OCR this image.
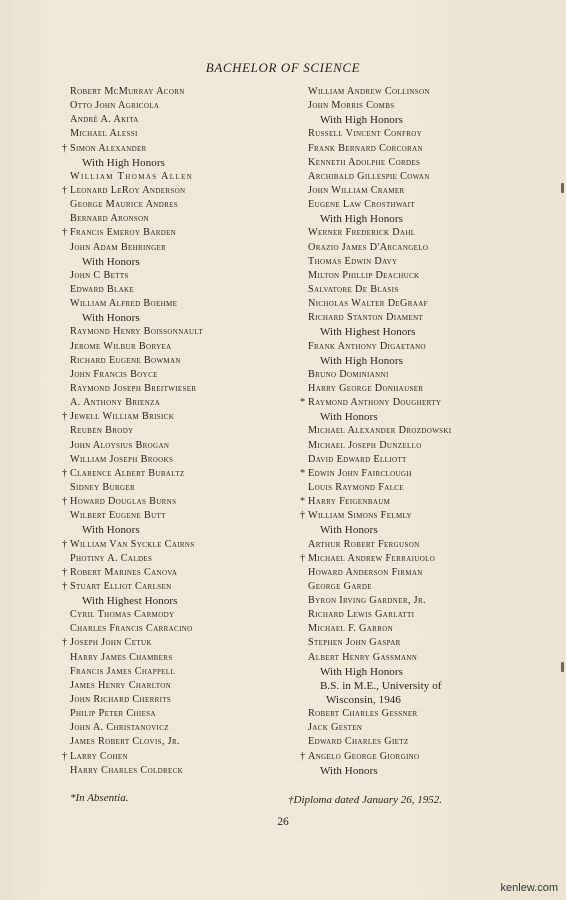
BACHELOR OF SCIENCE
Robert McMurray Acorn
Otto John Agricola
André A. Akita
Michael Alessi
† Simon Alexander
With High Honors
William Thomas Allen
† Leonard LeRoy Anderson
George Maurice Andres
Bernard Aronson
† Francis Emeroy Barden
John Adam Behringer
With Honors
John C Betts
Edward Blake
William Alfred Boehme
With Honors
Raymond Henry Boissonnault
Jerome Wilbur Boryea
Richard Eugene Bowman
John Francis Boyce
Raymond Joseph Breitwieser
A. Anthony Brienza
† Jewell William Brisick
Reuben Brody
John Aloysius Brogan
William Joseph Brooks
† Clarence Albert Bubaltz
Sidney Burger
† Howard Douglas Burns
Wilbert Eugene Butt
With Honors
† William Van Syckle Cairns
Photiny A. Caldes
† Robert Marines Canova
† Stuart Elliot Carlsen
With Highest Honors
Cyril Thomas Carmody
Charles Francis Carracino
† Joseph John Cetuk
Harry James Chambers
Francis James Chappell
James Henry Charlton
John Richard Cherrits
Philip Peter Chiesa
John A. Christanovicz
James Robert Clovis, Jr.
† Larry Cohen
Harry Charles Coldreck
William Andrew Collinson
John Morris Combs
With High Honors
Russell Vincent Confroy
Frank Bernard Corcoran
Kenneth Adolphe Cordes
Archibald Gillespie Cowan
John William Cramer
Eugene Law Crosthwait
With High Honors
Werner Frederick Dahl
Orazio James D'Arcangelo
Thomas Edwin Davy
Milton Phillip Deachuck
Salvatore De Blasis
Nicholas Walter DeGraaf
Richard Stanton Diament
With Highest Honors
Frank Anthony Digaetano
With High Honors
Bruno Dominianni
Harry George Donhauser
* Raymond Anthony Dougherty
With Honors
Michael Alexander Drozdowski
Michael Joseph Dunzello
David Edward Elliott
* Edwin John Fairclough
Louis Raymond Falce
* Harry Feigenbaum
† William Simons Felmly
With Honors
Arthur Robert Ferguson
† Michael Andrew Ferraiuolo
Howard Anderson Firman
George Garde
Byron Irving Gardner, Jr.
Richard Lewis Garlatti
Michael F. Garron
Stephen John Gaspar
Albert Henry Gassmann
With High Honors
B.S. in M.E., University of
Wisconsin, 1946
Robert Charles Gessner
Jack Gesten
Edward Charles Gietz
† Angelo George Giorgino
With Honors
*In Absentia.	†Diploma dated January 26, 1952.
26
kenlew.com
